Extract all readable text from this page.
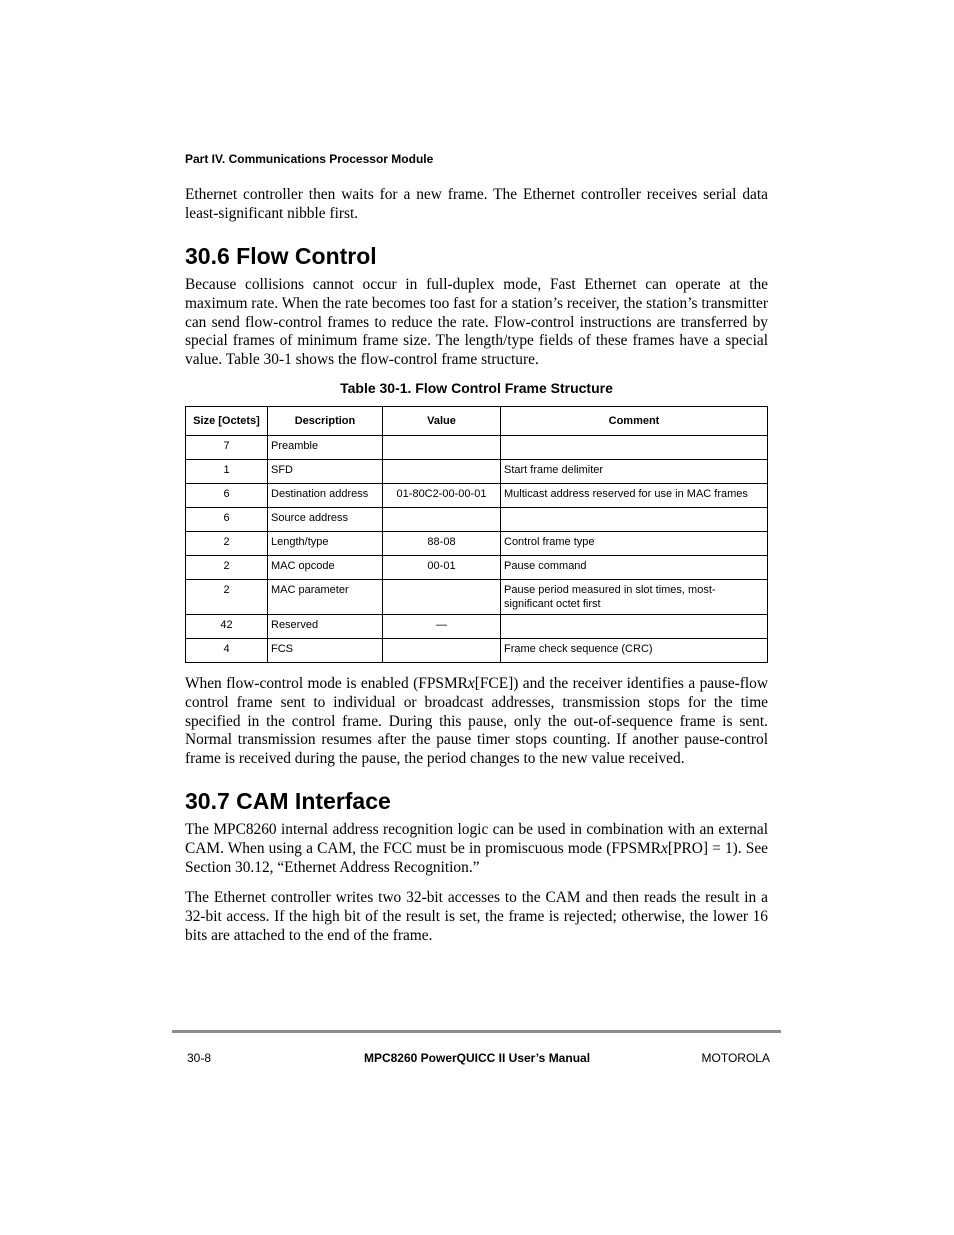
Part IV. Communications Processor Module

Ethernet controller then waits for a new frame. The Ethernet controller receives serial data least-significant nibble first.

30.6 Flow Control

Because collisions cannot occur in full-duplex mode, Fast Ethernet can operate at the maximum rate. When the rate becomes too fast for a station’s receiver, the station’s transmitter can send flow-control frames to reduce the rate. Flow-control instructions are transferred by special frames of minimum frame size. The length/type fields of these frames have a special value. Table 30-1 shows the flow-control frame structure.

Table 30-1. Flow Control Frame Structure
Size [Octets]	Description	Value	Comment
7	Preamble		
1	SFD		Start frame delimiter
6	Destination address	01-80C2-00-00-01	Multicast address reserved for use in MAC frames
6	Source address		
2	Length/type	88-08	Control frame type
2	MAC opcode	00-01	Pause command
2	MAC parameter		Pause period measured in slot times, most-significant octet first
42	Reserved	—	
4	FCS		Frame check sequence (CRC)

When flow-control mode is enabled (FPSMRx[FCE]) and the receiver identifies a pause-flow control frame sent to individual or broadcast addresses, transmission stops for the time specified in the control frame. During this pause, only the out-of-sequence frame is sent. Normal transmission resumes after the pause timer stops counting. If another pause-control frame is received during the pause, the period changes to the new value received.

30.7 CAM Interface

The MPC8260 internal address recognition logic can be used in combination with an external CAM. When using a CAM, the FCC must be in promiscuous mode (FPSMRx[PRO] = 1). See Section 30.12, “Ethernet Address Recognition.”

The Ethernet controller writes two 32-bit accesses to the CAM and then reads the result in a 32-bit access. If the high bit of the result is set, the frame is rejected; otherwise, the lower 16 bits are attached to the end of the frame.

30-8	MPC8260 PowerQUICC II User’s Manual	MOTOROLA
